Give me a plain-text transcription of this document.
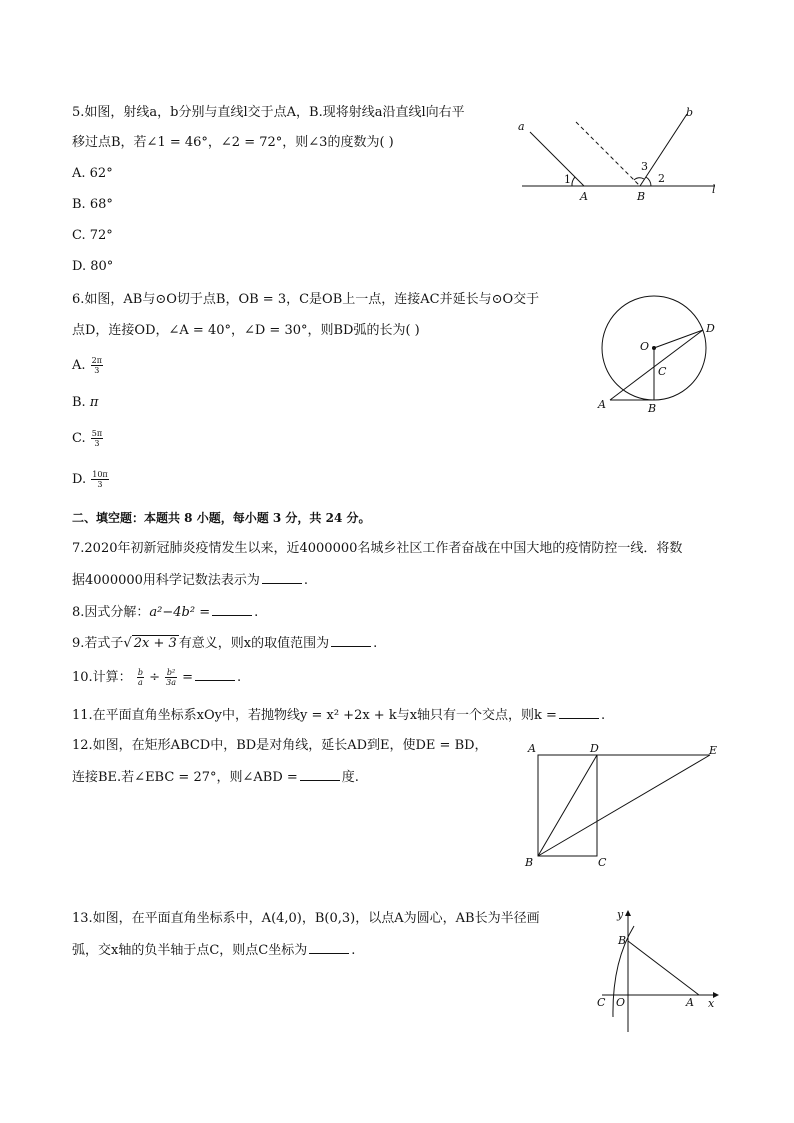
5.如图，射线a，b分别与直线l交于点A，B.现将射线a沿直线l向右平
移过点B，若∠1 = 46°，∠2 = 72°，则∠3的度数为( )
A. 62°
B. 68°
C. 72°
D. 80°
a
b
l
A	B
1	2
3
6.如图，AB与⊙O切于点B，OB = 3，C是OB上一点，连接AC并延长与⊙O交于
点D，连接OD，∠A = 40°，∠D = 30°，则BD弧的长为( )
A. $\frac{2\pi}{3}$
B. π
C. $\frac{5\pi}{3}$
D. $\frac{10\pi}{3}$
O
A	B
C
D
二、填空题：本题共 8 小题，每小题 3 分，共 24 分。
7.2020年初新冠肺炎疫情发生以来，近4000000名城乡社区工作者奋战在中国大地的疫情防控一线．将数
据4000000用科学记数法表示为	.
8.因式分解：a²−4b² =	.
9.若式子√ 2x + 3 有意义，则x的取值范围为	.
10.计算： $\frac{b}{a} \div \frac{\text{b²}}{3a}$ =	.
11.在平面直角坐标系xOy中，若抛物线y = x² +2x + k与x轴只有一个交点，则k =	.
12.如图，在矩形ABCD中，BD是对角线，延长AD到E，使DE = BD，
连接BE.若∠EBC = 27°，则∠ABD =	度.
A	D	E
B	C
13.如图，在平面直角坐标系中，A(4,0)，B(0,3)，以点A为圆心，AB长为半径画
弧，交x轴的负半轴于点C，则点C坐标为	.
y
x
O	A
B
C
